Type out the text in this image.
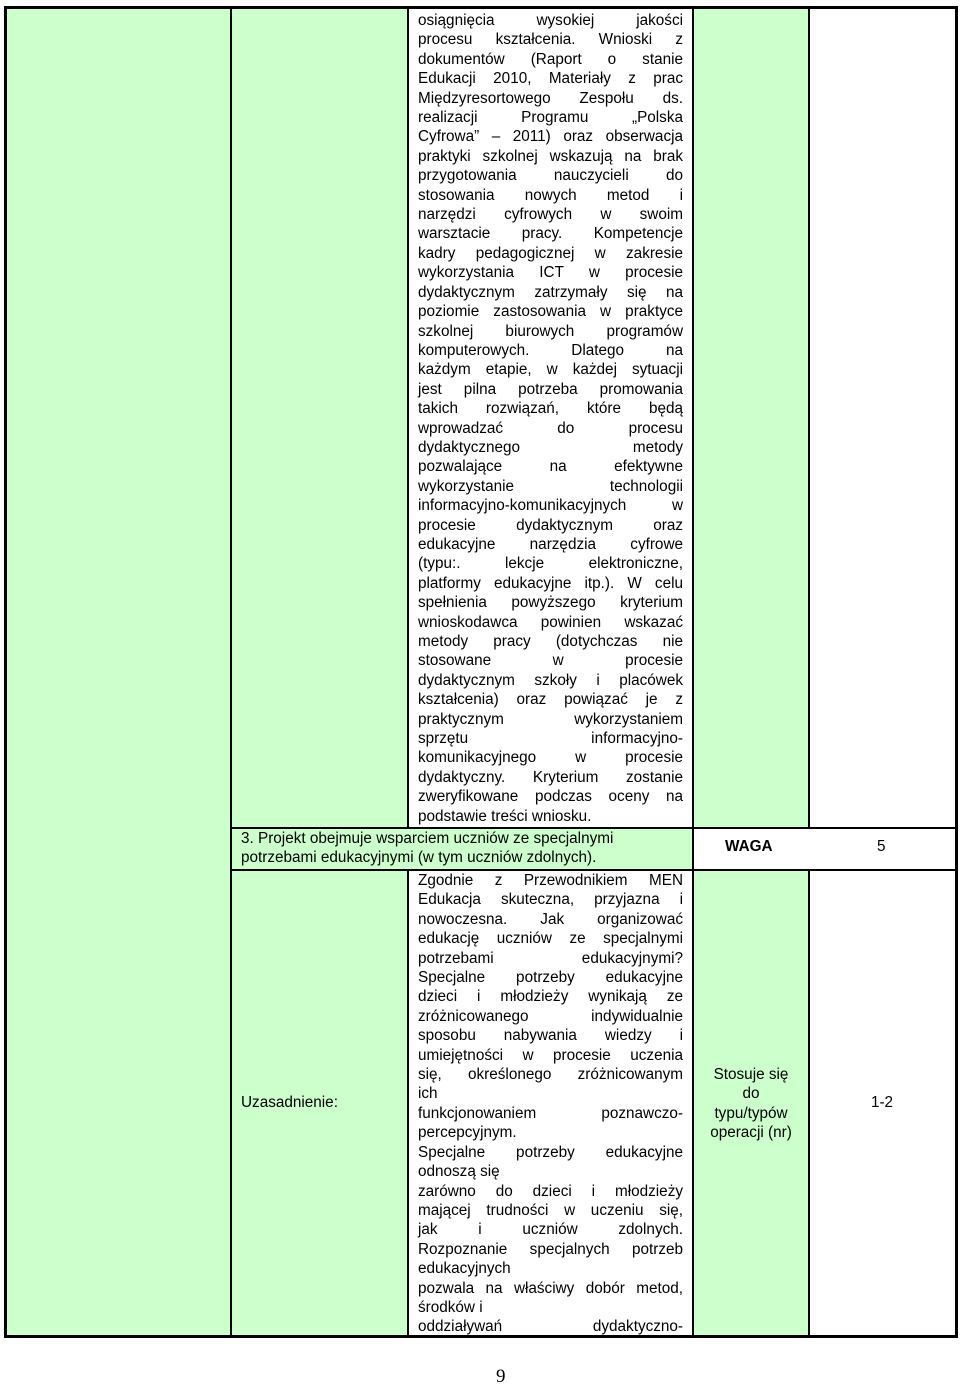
osiągnięcia wysokiej jakości
procesu kształcenia. Wnioski z
dokumentów (Raport o stanie
Edukacji 2010, Materiały z prac
Międzyresortowego Zespołu ds.
realizacji Programu „Polska
Cyfrowa” – 2011) oraz obserwacja
praktyki szkolnej wskazują na brak
przygotowania nauczycieli do
stosowania nowych metod i
narzędzi cyfrowych w swoim
warsztacie pracy. Kompetencje
kadry pedagogicznej w zakresie
wykorzystania ICT w procesie
dydaktycznym zatrzymały się na
poziomie zastosowania w praktyce
szkolnej biurowych programów
komputerowych. Dlatego na
każdym etapie, w każdej sytuacji
jest pilna potrzeba promowania
takich rozwiązań, które będą
wprowadzać do procesu
dydaktycznego metody
pozwalające na efektywne
wykorzystanie technologii
informacyjno-komunikacyjnych w
procesie dydaktycznym oraz
edukacyjne narzędzia cyfrowe
(typu:. lekcje elektroniczne,
platformy edukacyjne itp.). W celu
spełnienia powyższego kryterium
wnioskodawca powinien wskazać
metody pracy (dotychczas nie
stosowane w procesie
dydaktycznym szkoły i placówek
kształcenia) oraz powiązać je z
praktycznym wykorzystaniem
sprzętu informacyjno-
komunikacyjnego w procesie
dydaktyczny. Kryterium zostanie
zweryfikowane podczas oceny na
podstawie treści wniosku.
3. Projekt obejmuje wsparciem uczniów ze specjalnymi
potrzebami edukacyjnymi (w tym uczniów zdolnych).
WAGA	5
Uzasadnienie:
Zgodnie z Przewodnikiem MEN
Edukacja skuteczna, przyjazna i
nowoczesna. Jak organizować
edukację uczniów ze specjalnymi
potrzebami edukacyjnymi?
Specjalne potrzeby edukacyjne
dzieci i młodzieży wynikają ze
zróżnicowanego indywidualnie
sposobu nabywania wiedzy i
umiejętności w procesie uczenia
się, określonego zróżnicowanym
ich
funkcjonowaniem poznawczo-
percepcyjnym.
Specjalne potrzeby edukacyjne
odnoszą się
zarówno do dzieci i młodzieży
mającej trudności w uczeniu się,
jak i uczniów zdolnych.
Rozpoznanie specjalnych potrzeb
edukacyjnych
pozwala na właściwy dobór metod,
środków i
oddziaływań dydaktyczno-
Stosuje się
do
typu/typów
operacji (nr)
1-2
9
